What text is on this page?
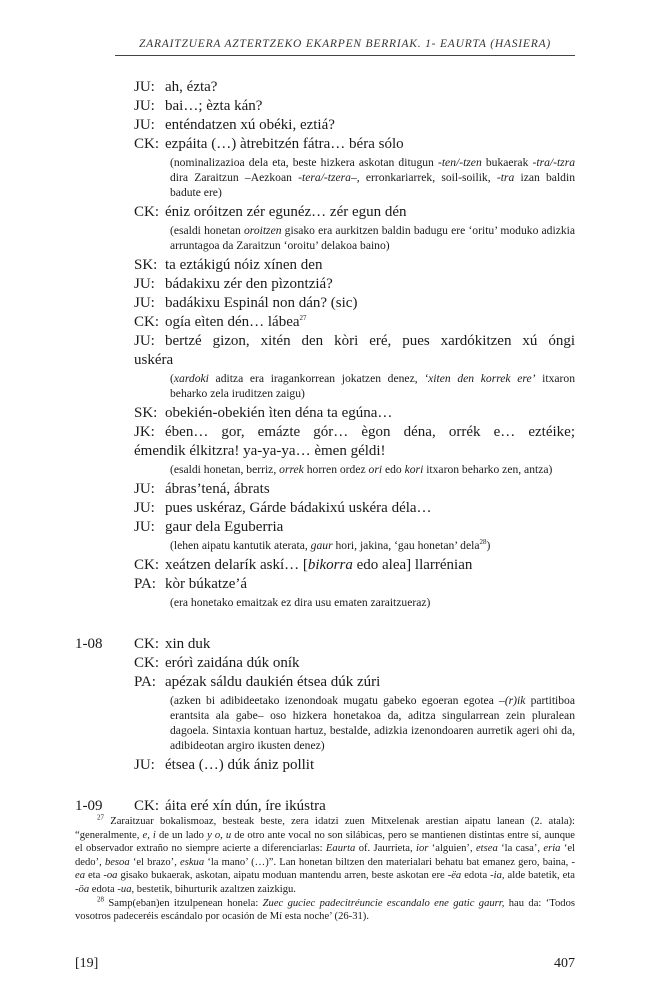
ZARAITZUERA AZTERTZEKO EKARPEN BERRIAK. 1- EAURTA (HASIERA)
JU: ah, ézta?
JU: bai…; èzta kán?
JU: enténdatzen xú obéki, eztiá?
CK: ezpáita (…) àtrebitzén fátra… béra sólo
(nominalizazioa dela eta, beste hizkera askotan ditugun -ten/-tzen bukaerak -tra/-tzra dira Zaraitzun –Aezkoan -tera/-tzera–, erronkariarrek, soil-soilik, -tra izan baldin badute ere)
CK: éniz oróitzen zér egunéz… zér egun dén
(esaldi honetan oroitzen gisako era aurkitzen baldin badugu ere ‘oritu’ moduko adizkia arruntagoa da Zaraitzun ‘oroitu’ delakoa baino)
SK: ta eztákigú nóiz xínen den
JU: bádakixu zér den pìzontziá?
JU: badákixu Espinál non dán? (sic)
CK: ogía eìten dén… lábea$^{27}$
JU: bertzé gizon, xitén den kòri eré, pues xardókitzen xú óngi
uskéra
(xardoki aditza era iragankorrean jokatzen denez, ‘xiten den korrek ere’ itxaron beharko zela iruditzen zaigu)
SK: obekién-obekién ìten déna ta egúna…
JK: ében… gor, emázte gór… ègon déna, orrék e… eztéike;
émendik élkitzra! ya-ya-ya… èmen géldi!
(esaldi honetan, berriz, orrek horren ordez ori edo kori itxaron beharko zen, antza)
JU: ábras’tená, ábrats
JU: pues uskéraz, Gárde bádakixú uskéra déla…
JU: gaur dela Eguberria
(lehen aipatu kantutik aterata, gaur hori, jakina, ‘gau honetan’ dela$^{28}$)
CK: xeátzen delarík askí… [bikorra edo alea] llarrénian
PA: kòr búkatze’á
(era honetako emaitzak ez dira usu ematen zaraitzueraz)
1-08 CK: xin duk
CK: erórì zaidána dúk oník
PA: apézak sáldu daukién étsea dúk zúri
(azken bi adibideetako izenondoak mugatu gabeko egoeran egotea –(r)ik partitiboa erantsita ala gabe– oso hizkera honetakoa da, aditza singularrean zein pluralean dagoela. Sintaxia kontuan hartuz, bestalde, adizkia izenondoaren aurretik ageri ohi da, adibideotan argiro ikusten denez)
JU: étsea (…) dúk ániz pollit
1-09 CK: áita eré xín dún, íre ikústra

$^{27}$ Zaraitzuar bokalismoaz, besteak beste, zera idatzi zuen Mitxelenak arestian aipatu lanean (2. atala): “generalmente, e, i de un lado y o, u de otro ante vocal no son silábicas, pero se mantienen distintas entre sí, aunque el observador extraño no siempre acierte a diferenciarlas: Eaurta of. Jaurrieta, ior ‘alguien’, etsea ‘la casa’, eria ‘el dedo’, besoa ‘el brazo’, eskua ‘la mano’ (…)”. Lan honetan biltzen den materialari behatu bat emanez gero, baina, -ea eta -oa gisako bukaerak, askotan, aipatu moduan mantendu arren, beste askotan ere -ëa edota -ia, alde batetik, eta -öa edota -ua, bestetik, bihurturik azaltzen zaizkigu.

$^{28}$ Samp(eban)en itzulpenean honela: Zuec guciec padecitréuncie escandalo ene gatic gaurr, hau da: ‘Todos vosotros padeceréis escándalo por ocasión de Mí esta noche’ (26-31).

[19]	407
